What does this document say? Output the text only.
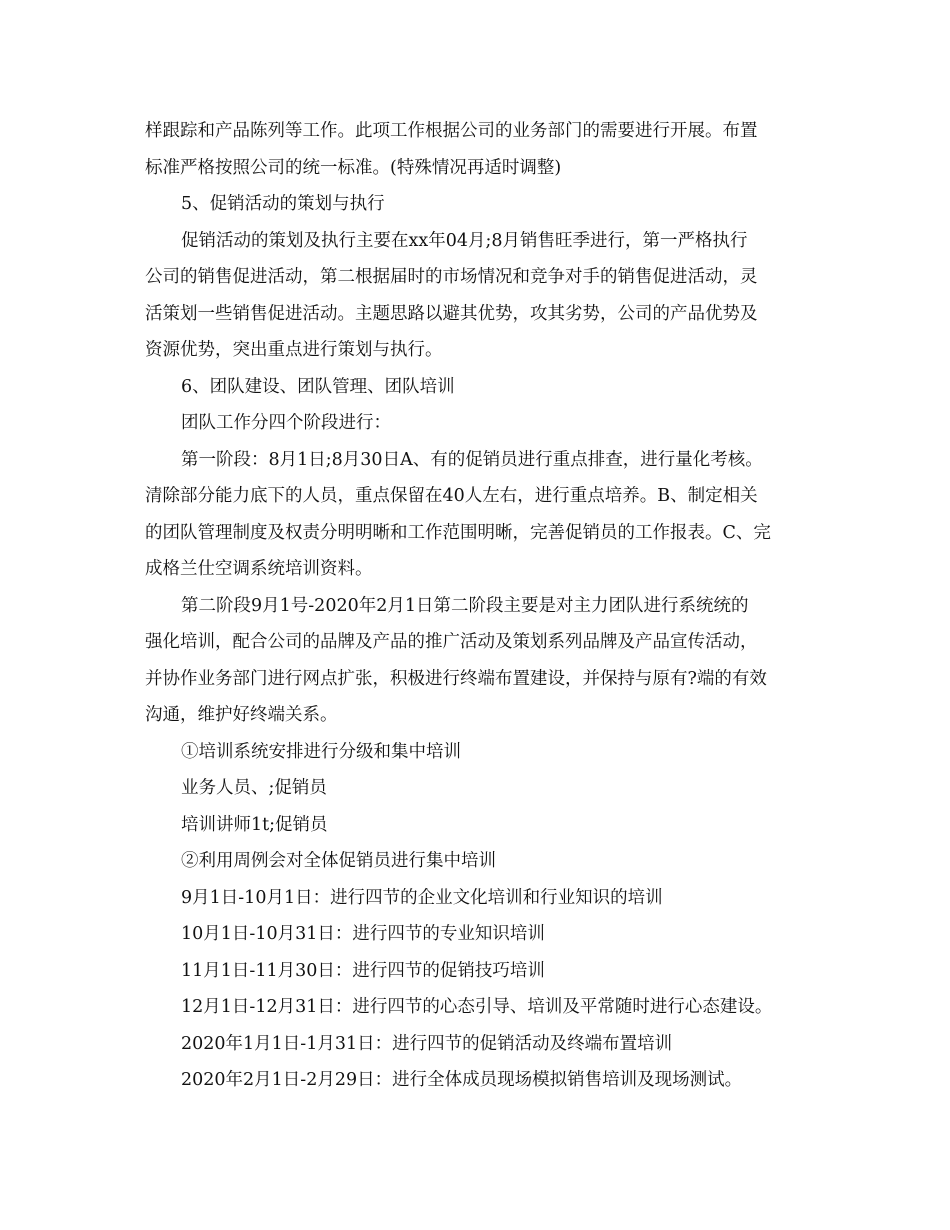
样跟踪和产品陈列等工作。此项工作根据公司的业务部门的需要进行开展。布置
标准严格按照公司的统一标准。(特殊情况再适时调整)
5、促销活动的策划与执行
促销活动的策划及执行主要在xx年04月;8月销售旺季进行，第一严格执行
公司的销售促进活动，第二根据届时的市场情况和竞争对手的销售促进活动，灵
活策划一些销售促进活动。主题思路以避其优势，攻其劣势，公司的产品优势及
资源优势，突出重点进行策划与执行。
6、团队建设、团队管理、团队培训
团队工作分四个阶段进行：
第一阶段：8月1日;8月30日A、有的促销员进行重点排查，进行量化考核。
清除部分能力底下的人员，重点保留在40人左右，进行重点培养。B、制定相关
的团队管理制度及权责分明明晰和工作范围明晰，完善促销员的工作报表。C、完
成格兰仕空调系统培训资料。
第二阶段9月1号-2020年2月1日第二阶段主要是对主力团队进行系统统的
强化培训，配合公司的品牌及产品的推广活动及策划系列品牌及产品宣传活动，
并协作业务部门进行网点扩张，积极进行终端布置建设，并保持与原有?端的有效
沟通，维护好终端关系。
①培训系统安排进行分级和集中培训
业务人员、;促销员
培训讲师1t;促销员
②利用周例会对全体促销员进行集中培训
9月1日-10月1日：进行四节的企业文化培训和行业知识的培训
10月1日-10月31日：进行四节的专业知识培训
11月1日-11月30日：进行四节的促销技巧培训
12月1日-12月31日：进行四节的心态引导、培训及平常随时进行心态建设。
2020年1月1日-1月31日：进行四节的促销活动及终端布置培训
2020年2月1日-2月29日：进行全体成员现场模拟销售培训及现场测试。
